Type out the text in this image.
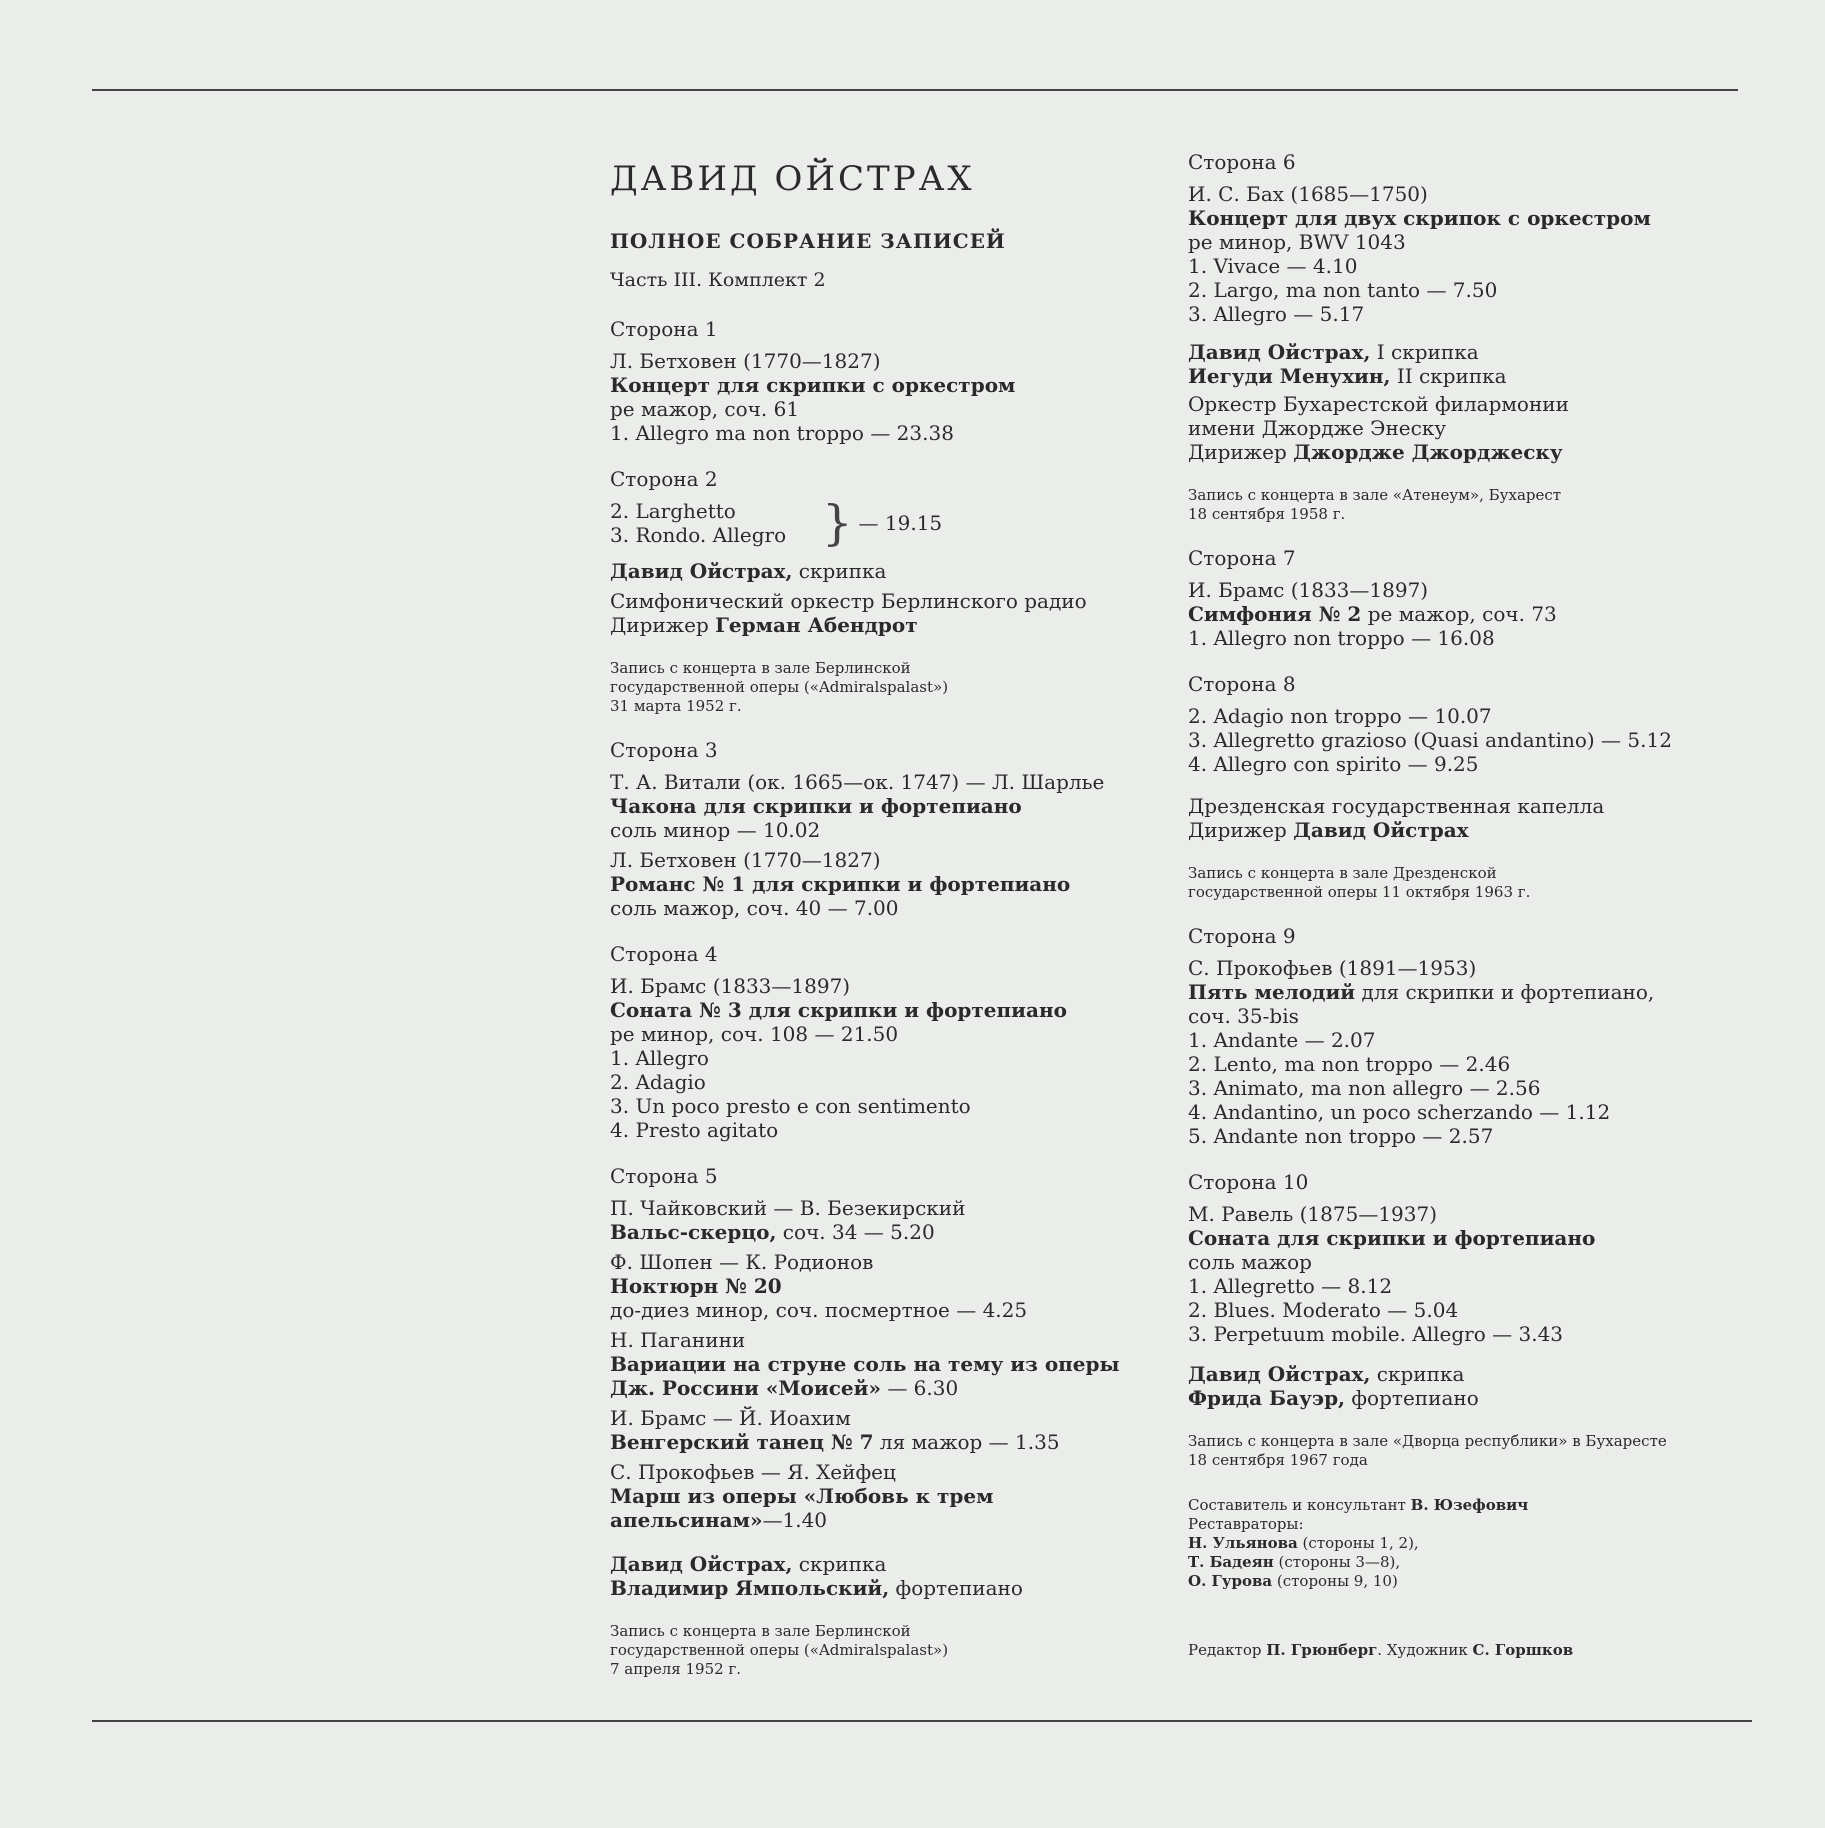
ДАВИД ОЙСТРАХ
ПОЛНОЕ СОБРАНИЕ ЗАПИСЕЙ
Часть III. Комплект 2
Сторона 1
Л. Бетховен (1770—1827)
Концерт для скрипки с оркестром
ре мажор, соч. 61
1. Allegro ma non troppo — 23.38
Сторона 2
2. Larghetto
3. Rondo. Allegro } — 19.15
Давид Ойстрах, скрипка
Симфонический оркестр Берлинского радио
Дирижер Герман Абендрот
Запись с концерта в зале Берлинской
государственной оперы («Admiralspalast»)
31 марта 1952 г.
Сторона 3
Т. А. Витали (ок. 1665—ок. 1747) — Л. Шарлье
Чакона для скрипки и фортепиано
соль минор — 10.02
Л. Бетховен (1770—1827)
Романс № 1 для скрипки и фортепиано
соль мажор, соч. 40 — 7.00
Сторона 4
И. Брамс (1833—1897)
Соната № 3 для скрипки и фортепиано
ре минор, соч. 108 — 21.50
1. Allegro
2. Adagio
3. Un poco presto e con sentimento
4. Presto agitato
Сторона 5
П. Чайковский — В. Безекирский
Вальс-скерцо, соч. 34 — 5.20
Ф. Шопен — К. Родионов
Ноктюрн № 20
до-диез минор, соч. посмертное — 4.25
Н. Паганини
Вариации на струне соль на тему из оперы
Дж. Россини «Моисей» — 6.30
И. Брамс — Й. Иоахим
Венгерский танец № 7 ля мажор — 1.35
С. Прокофьев — Я. Хейфец
Марш из оперы «Любовь к трем апельсинам»—1.40
Давид Ойстрах, скрипка
Владимир Ямпольский, фортепиано
Запись с концерта в зале Берлинской
государственной оперы («Admiralspalast»)
7 апреля 1952 г.
Сторона 6
И. С. Бах (1685—1750)
Концерт для двух скрипок с оркестром
ре минор, BWV 1043
1. Vivace — 4.10
2. Largo, ma non tanto — 7.50
3. Allegro — 5.17
Давид Ойстрах, I скрипка
Иегуди Менухин, II скрипка
Оркестр Бухарестской филармонии
имени Джордже Энеску
Дирижер Джордже Джорджеску
Запись с концерта в зале «Атенеум», Бухарест
18 сентября 1958 г.
Сторона 7
И. Брамс (1833—1897)
Симфония № 2 ре мажор, соч. 73
1. Allegro non troppo — 16.08
Сторона 8
2. Adagio non troppo — 10.07
3. Allegretto grazioso (Quasi andantino) — 5.12
4. Allegro con spirito — 9.25
Дрезденская государственная капелла
Дирижер Давид Ойстрах
Запись с концерта в зале Дрезденской
государственной оперы 11 октября 1963 г.
Сторона 9
С. Прокофьев (1891—1953)
Пять мелодий для скрипки и фортепиано,
соч. 35-bis
1. Andante — 2.07
2. Lento, ma non troppo — 2.46
3. Animato, ma non allegro — 2.56
4. Andantino, un poco scherzando — 1.12
5. Andante non troppo — 2.57
Сторона 10
М. Равель (1875—1937)
Соната для скрипки и фортепиано
соль мажор
1. Allegretto — 8.12
2. Blues. Moderato — 5.04
3. Perpetuum mobile. Allegro — 3.43
Давид Ойстрах, скрипка
Фрида Бауэр, фортепиано
Запись с концерта в зале «Дворца республики» в Бухаресте
18 сентября 1967 года
Составитель и консультант В. Юзефович
Реставраторы:
Н. Ульянова (стороны 1, 2),
Т. Бадеян (стороны 3—8),
О. Гурова (стороны 9, 10)
Редактор П. Грюнберг. Художник С. Горшков
